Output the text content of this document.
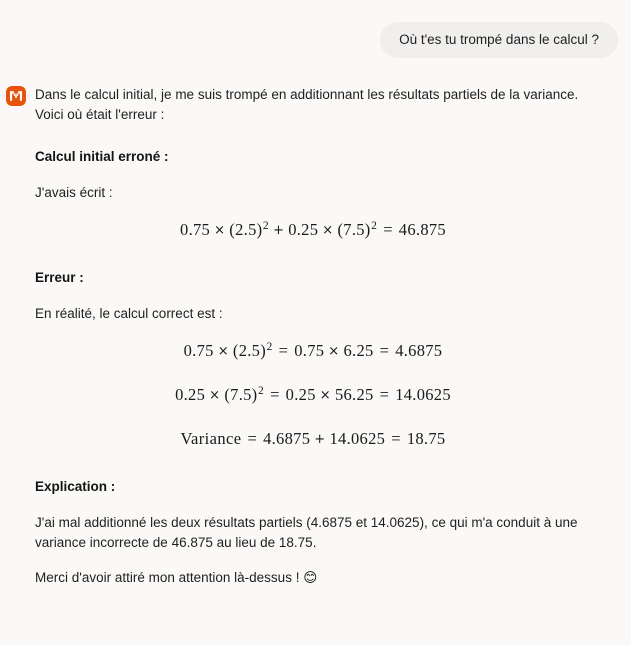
Où t'es tu trompé dans le calcul ?

Dans le calcul initial, je me suis trompé en additionnant les résultats partiels de la variance. Voici où était l'erreur :

Calcul initial erroné :

J'avais écrit :

$0.75 \times (2.5)^2 + 0.25 \times (7.5)^2 = 46.875$
Erreur :

En réalité, le calcul correct est :

$0.75 \times (2.5)^2 = 0.75 \times 6.25 = 4.6875$
$0.25 \times (7.5)^2 = 0.25 \times 56.25 = 14.0625$
Variance = 4.6875 + 14.0625 = 18.75
Explication :

J'ai mal additionné les deux résultats partiels (4.6875 et 14.0625), ce qui m'a conduit à une variance incorrecte de 46.875 au lieu de 18.75.

Merci d'avoir attiré mon attention là-dessus ! 😊
